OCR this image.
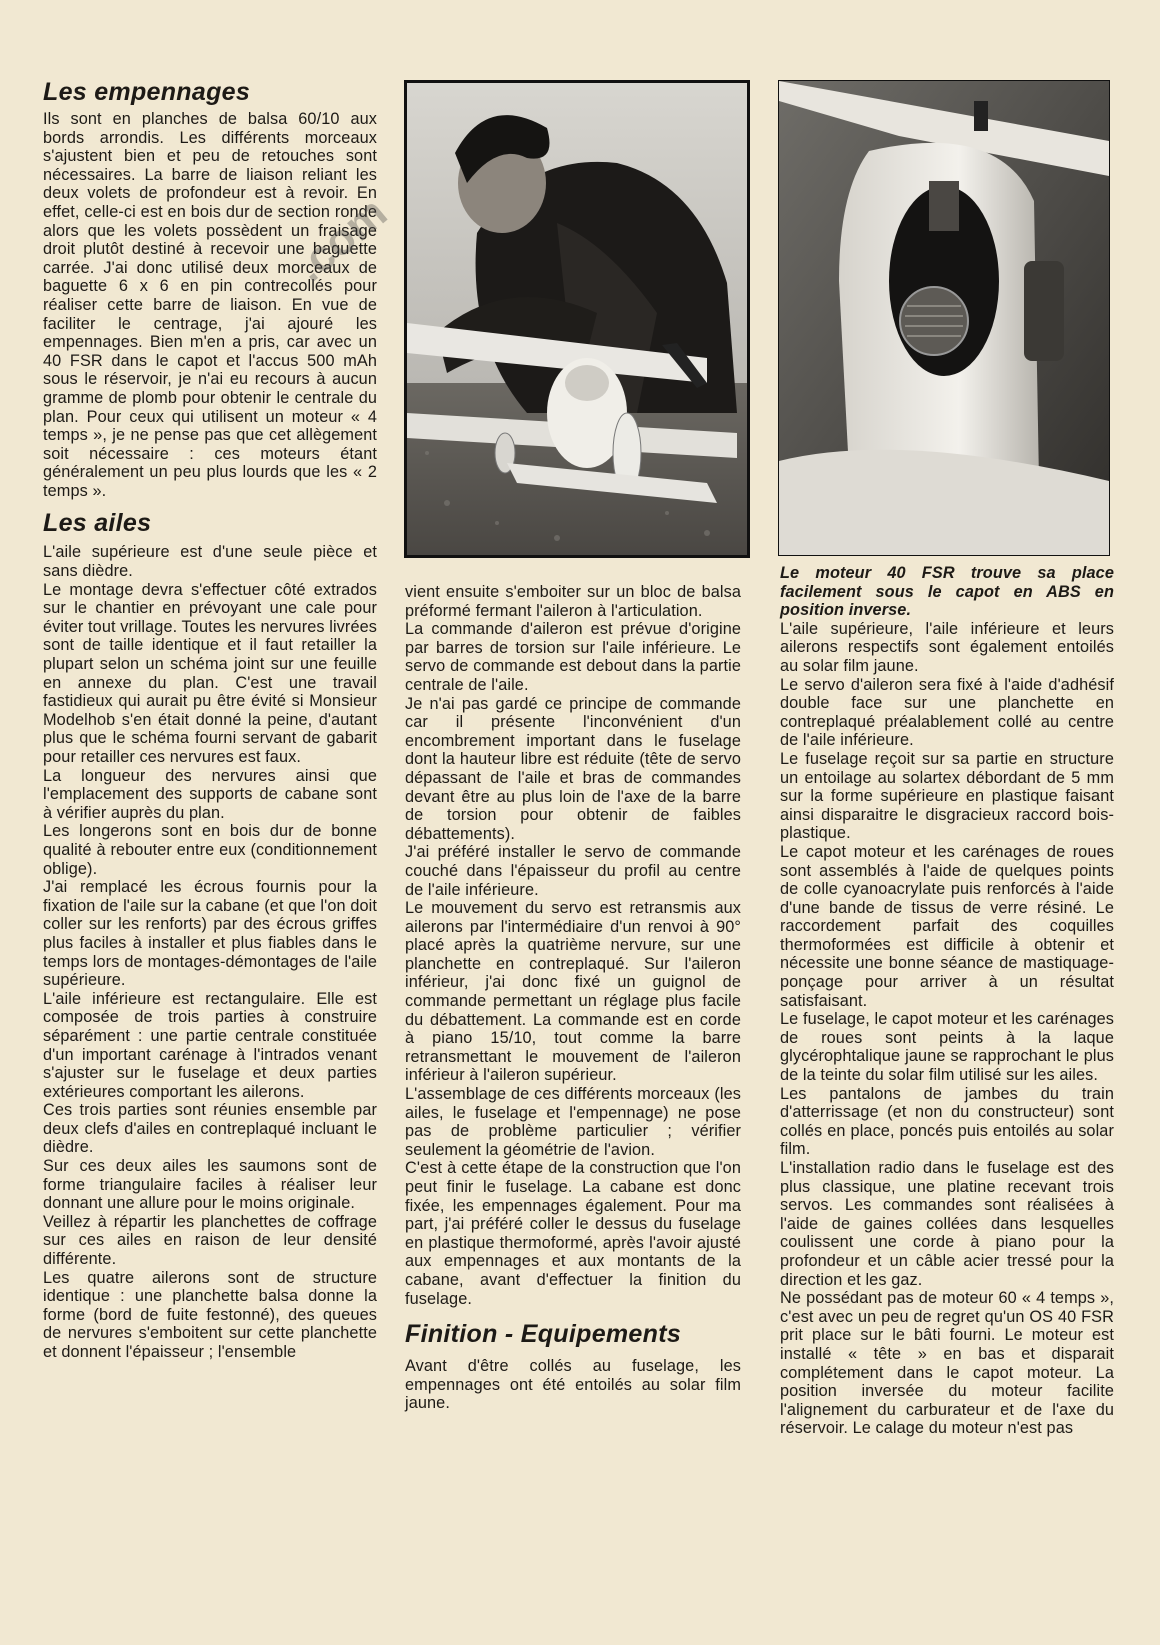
Les empennages

Ils sont en planches de balsa 60/10 aux bords arrondis. Les différents morceaux s'ajustent bien et peu de retouches sont nécessaires. La barre de liaison reliant les deux volets de profondeur est à revoir. En effet, celle-ci est en bois dur de section ronde alors que les volets possèdent un fraisage droit plutôt destiné à recevoir une baguette carrée. J'ai donc utilisé deux morceaux de baguette 6 x 6 en pin contrecollés pour réaliser cette barre de liaison. En vue de faciliter le centrage, j'ai ajouré les empennages. Bien m'en a pris, car avec un 40 FSR dans le capot et l'accus 500 mAh sous le réservoir, je n'ai eu recours à aucun gramme de plomb pour obtenir le centrale du plan. Pour ceux qui utilisent un moteur « 4 temps », je ne pense pas que cet allègement soit nécessaire : ces moteurs étant généralement un peu plus lourds que les « 2 temps ».

Les ailes

L'aile supérieure est d'une seule pièce et sans dièdre.

Le montage devra s'effectuer côté extrados sur le chantier en prévoyant une cale pour éviter tout vrillage. Toutes les nervures livrées sont de taille identique et il faut retailler la plupart selon un schéma joint sur une feuille en annexe du plan. C'est une travail fastidieux qui aurait pu être évité si Monsieur Modelhob s'en était donné la peine, d'autant plus que le schéma fourni servant de gabarit pour retailler ces nervures est faux.

La longueur des nervures ainsi que l'emplacement des supports de cabane sont à vérifier auprès du plan.

Les longerons sont en bois dur de bonne qualité à rebouter entre eux (conditionnement oblige).

J'ai remplacé les écrous fournis pour la fixation de l'aile sur la cabane (et que l'on doit coller sur les renforts) par des écrous griffes plus faciles à installer et plus fiables dans le temps lors de montages-démontages de l'aile supérieure.

L'aile inférieure est rectangulaire. Elle est composée de trois parties à construire séparément : une partie centrale constituée d'un important carénage à l'intrados venant s'ajuster sur le fuselage et deux parties extérieures comportant les ailerons.

Ces trois parties sont réunies ensemble par deux clefs d'ailes en contreplaqué incluant le dièdre.

Sur ces deux ailes les saumons sont de forme triangulaire faciles à réaliser leur donnant une allure pour le moins originale.

Veillez à répartir les planchettes de coffrage sur ces ailes en raison de leur densité différente.

Les quatre ailerons sont de structure identique : une planchette balsa donne la forme (bord de fuite festonné), des queues de nervures s'emboitent sur cette planchette et donnent l'épaisseur ; l'ensemble

.com

vient ensuite s'emboiter sur un bloc de balsa préformé fermant l'aileron à l'articulation.

La commande d'aileron est prévue d'origine par barres de torsion sur l'aile inférieure. Le servo de commande est debout dans la partie centrale de l'aile.

Je n'ai pas gardé ce principe de commande car il présente l'inconvénient d'un encombrement important dans le fuselage dont la hauteur libre est réduite (tête de servo dépassant de l'aile et bras de commandes devant être au plus loin de l'axe de la barre de torsion pour obtenir de faibles débattements).

J'ai préféré installer le servo de commande couché dans l'épaisseur du profil au centre de l'aile inférieure.

Le mouvement du servo est retransmis aux ailerons par l'intermédiaire d'un renvoi à 90° placé après la quatrième nervure, sur une planchette en contreplaqué. Sur l'aileron inférieur, j'ai donc fixé un guignol de commande permettant un réglage plus facile du débattement. La commande est en corde à piano 15/10, tout comme la barre retransmettant le mouvement de l'aileron inférieur à l'aileron supérieur.

L'assemblage de ces différents morceaux (les ailes, le fuselage et l'empennage) ne pose pas de problème particulier ; vérifier seulement la géométrie de l'avion.

C'est à cette étape de la construction que l'on peut finir le fuselage. La cabane est donc fixée, les empennages également. Pour ma part, j'ai préféré coller le dessus du fuselage en plastique thermoformé, après l'avoir ajusté aux empennages et aux montants de la cabane, avant d'effectuer la finition du fuselage.

Finition - Equipements

Avant d'être collés au fuselage, les empennages ont été entoilés au solar film jaune.

Le moteur 40 FSR trouve sa place facilement sous le capot en ABS en position inverse.

L'aile supérieure, l'aile inférieure et leurs ailerons respectifs sont également entoilés au solar film jaune.

Le servo d'aileron sera fixé à l'aide d'adhésif double face sur une planchette en contreplaqué préalablement collé au centre de l'aile inférieure.

Le fuselage reçoit sur sa partie en structure un entoilage au solartex débordant de 5 mm sur la forme supérieure en plastique faisant ainsi disparaitre le disgracieux raccord bois-plastique.

Le capot moteur et les carénages de roues sont assemblés à l'aide de quelques points de colle cyanoacrylate puis renforcés à l'aide d'une bande de tissus de verre résiné. Le raccordement parfait des coquilles thermoformées est difficile à obtenir et nécessite une bonne séance de mastiquage-ponçage pour arriver à un résultat satisfaisant.

Le fuselage, le capot moteur et les carénages de roues sont peints à la laque glycérophtalique jaune se rapprochant le plus de la teinte du solar film utilisé sur les ailes.

Les pantalons de jambes du train d'atterrissage (et non du constructeur) sont collés en place, poncés puis entoilés au solar film.

L'installation radio dans le fuselage est des plus classique, une platine recevant trois servos. Les commandes sont réalisées à l'aide de gaines collées dans lesquelles coulissent une corde à piano pour la profondeur et un câble acier tressé pour la direction et les gaz.

Ne possédant pas de moteur 60 « 4 temps », c'est avec un peu de regret qu'un OS 40 FSR prit place sur le bâti fourni. Le moteur est installé « tête » en bas et disparait complétement dans le capot moteur. La position inversée du moteur facilite l'alignement du carburateur et de l'axe du réservoir. Le calage du moteur n'est pas
